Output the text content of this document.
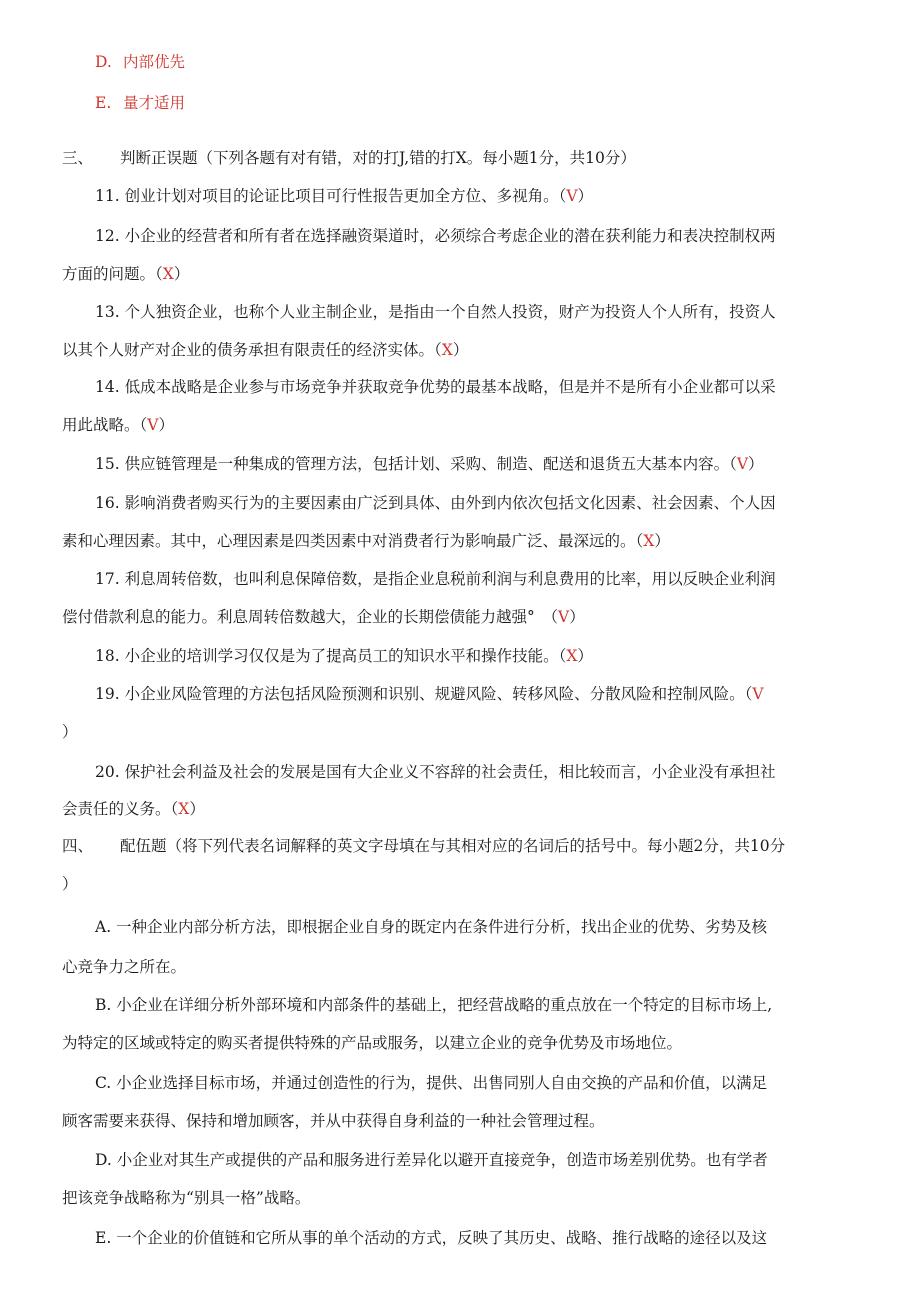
D. 内部优先
E. 量才适用
三、 判断正误题（下列各题有对有错，对的打J,错的打X。每小题1分，共10分）
11. 创业计划对项目的论证比项目可行性报告更加全方位、多视角。（V）
12. 小企业的经营者和所有者在选择融资渠道时，必须综合考虑企业的潜在获利能力和表决控制权两
方面的问题。（X）
13. 个人独资企业，也称个人业主制企业，是指由一个自然人投资，财产为投资人个人所有，投资人
以其个人财产对企业的债务承担有限责任的经济实体。（X）
14. 低成本战略是企业参与市场竞争并获取竞争优势的最基本战略，但是并不是所有小企业都可以采
用此战略。（V）
15. 供应链管理是一种集成的管理方法，包括计划、采购、制造、配送和退货五大基本内容。（V）
16. 影响消费者购买行为的主要因素由广泛到具体、由外到内依次包括文化因素、社会因素、个人因
素和心理因素。其中，心理因素是四类因素中对消费者行为影响最广泛、最深远的。（X）
17. 利息周转倍数，也叫利息保障倍数，是指企业息税前利润与利息费用的比率，用以反映企业利润
偿付借款利息的能力。利息周转倍数越大，企业的长期偿债能力越强°　（V）
18. 小企业的培训学习仅仅是为了提高员工的知识水平和操作技能。（X）
19. 小企业风险管理的方法包括风险预测和识别、规避风险、转移风险、分散风险和控制风险。（V
）
20. 保护社会利益及社会的发展是国有大企业义不容辞的社会责任，相比较而言，小企业没有承担社
会责任的义务。（X）
四、 配伍题（将下列代表名词解释的英文字母填在与其相对应的名词后的括号中。每小题2分，共10分
）
A. 一种企业内部分析方法，即根据企业自身的既定内在条件进行分析，找出企业的优势、劣势及核
心竞争力之所在。
B. 小企业在详细分析外部环境和内部条件的基础上，把经营战略的重点放在一个特定的目标市场上,
为特定的区域或特定的购买者提供特殊的产品或服务，以建立企业的竞争优势及市场地位。
C. 小企业选择目标市场，并通过创造性的行为，提供、出售同别人自由交换的产品和价值，以满足
顾客需要来获得、保持和增加顾客，并从中获得自身利益的一种社会管理过程。
D. 小企业对其生产或提供的产品和服务进行差异化以避开直接竞争，创造市场差别优势。也有学者
把该竞争战略称为“别具一格”战略。
E. 一个企业的价值链和它所从事的单个活动的方式，反映了其历史、战略、推行战略的途径以及这
